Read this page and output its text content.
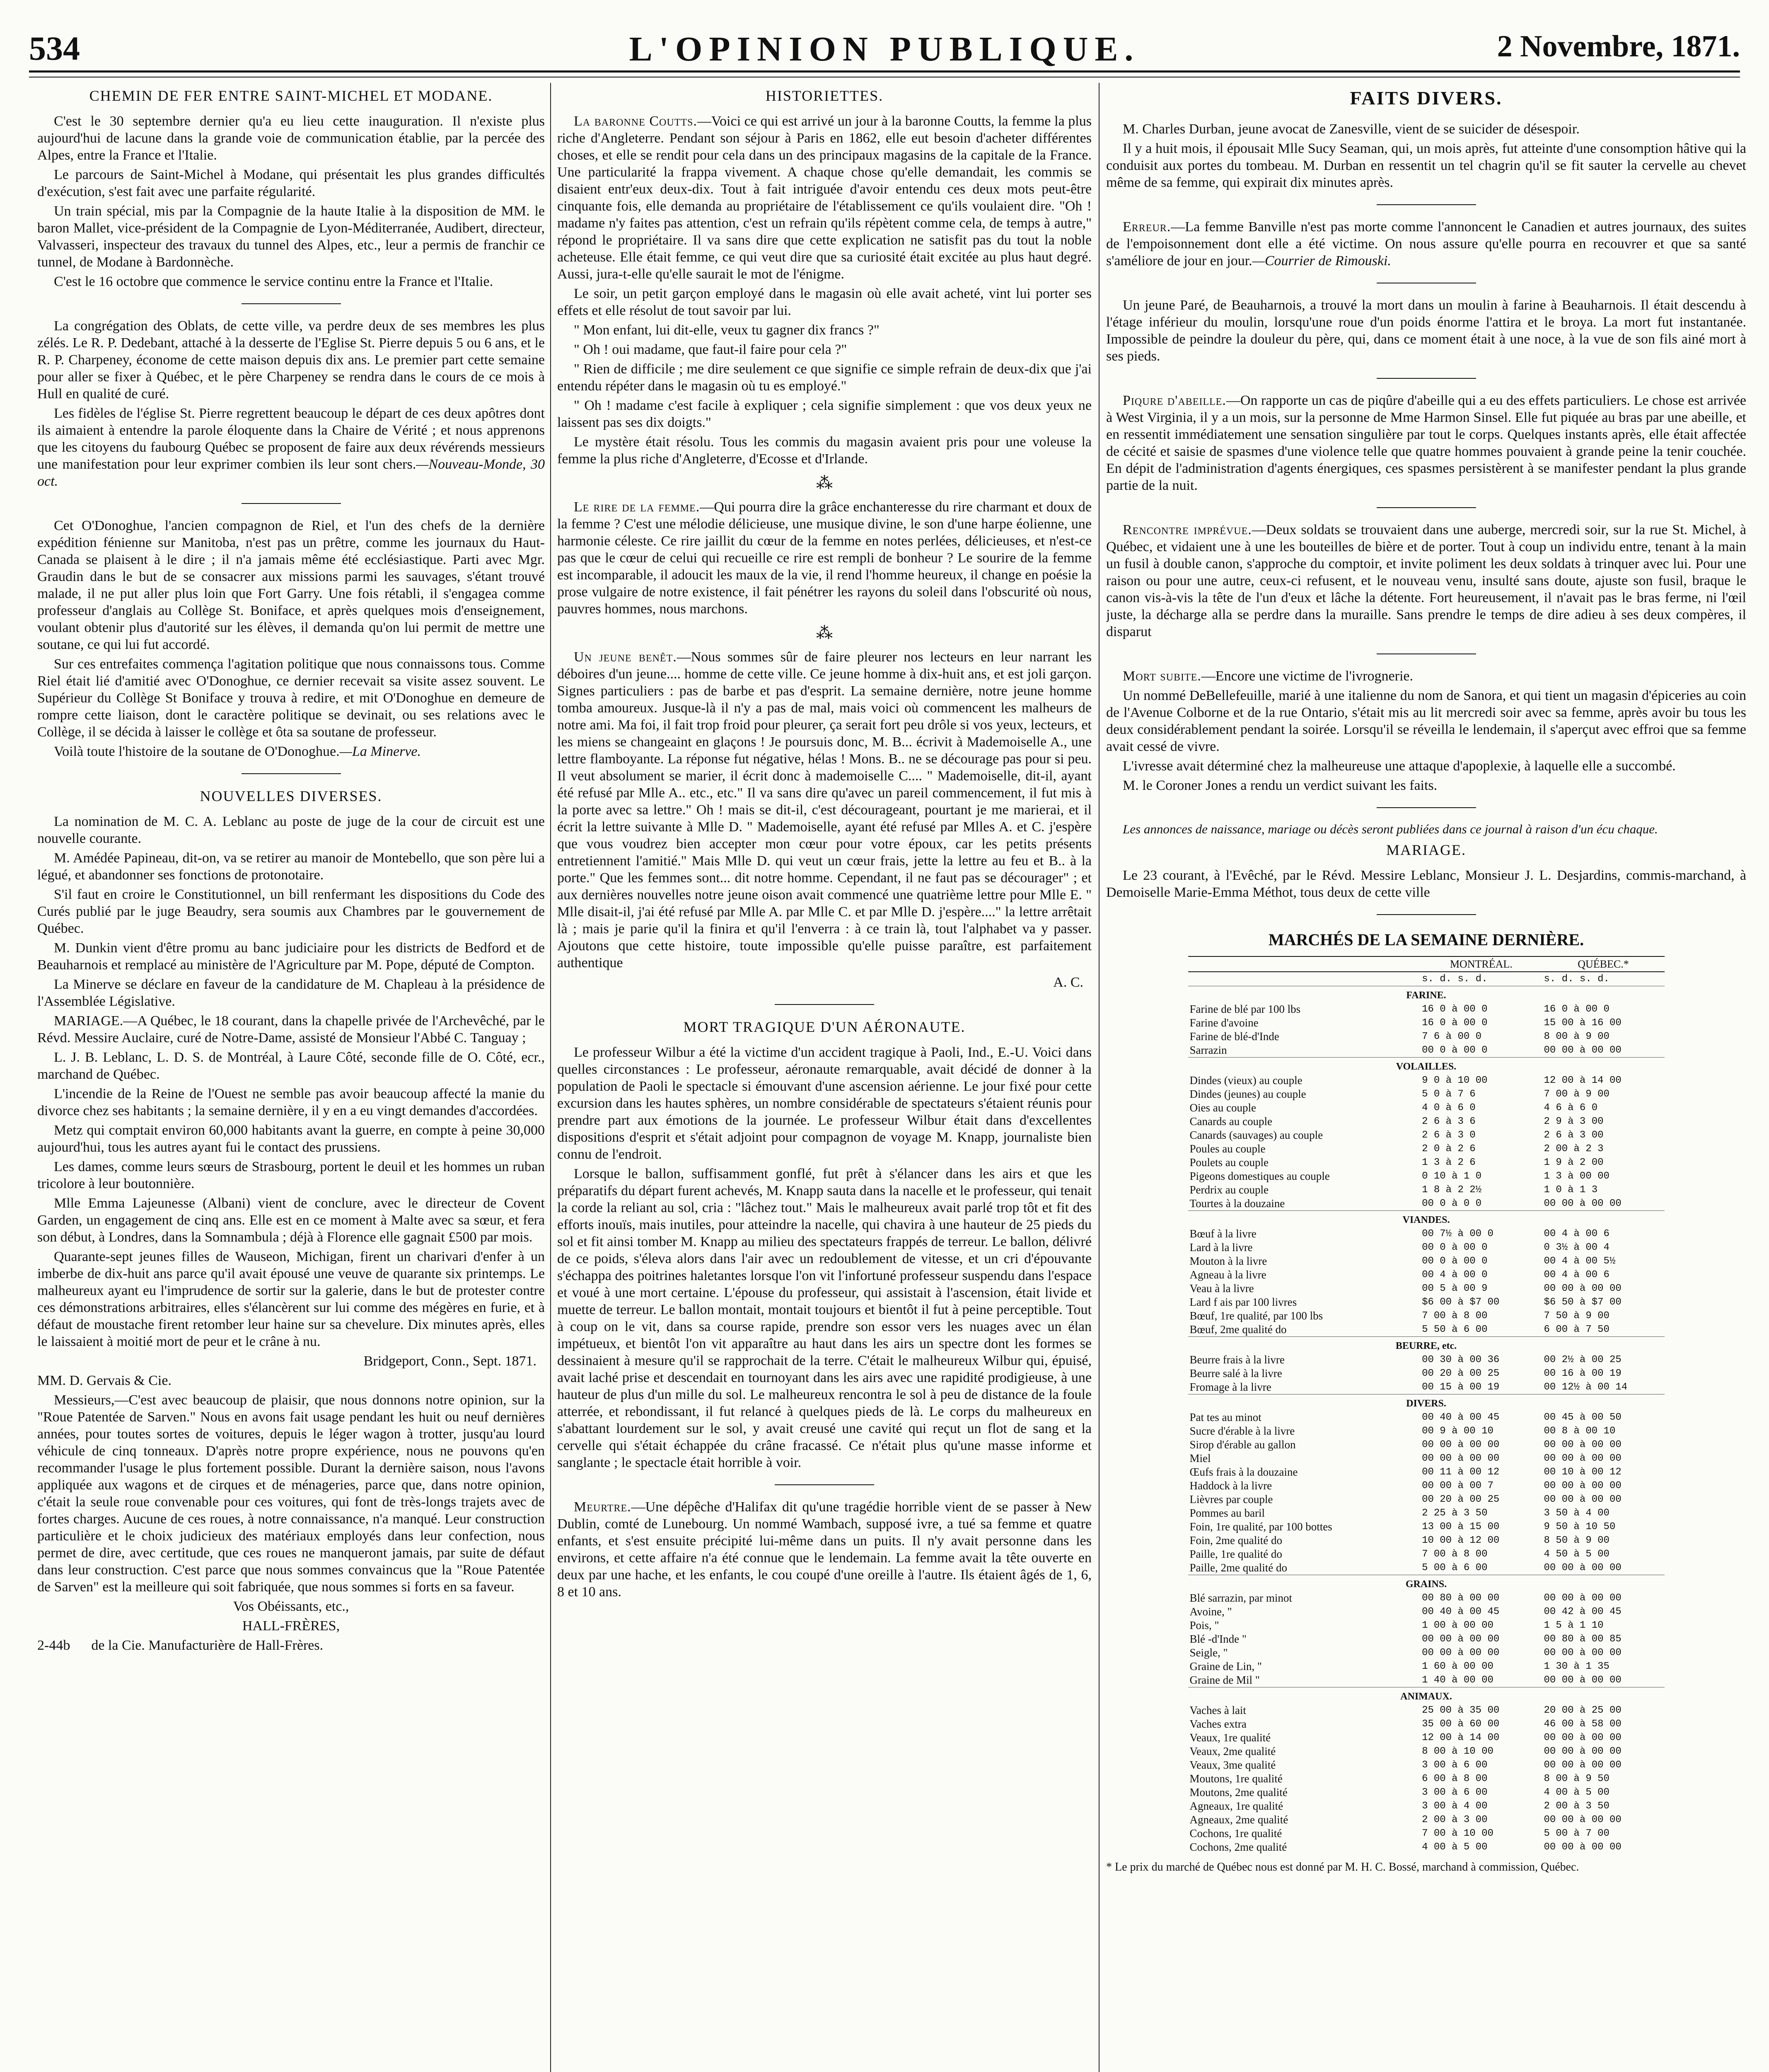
534	L'OPINION PUBLIQUE.	2 Novembre, 1871.
CHEMIN DE FER ENTRE SAINT-MICHEL ET MODANE.

C'est le 30 septembre dernier qu'a eu lieu cette inauguration. Il n'existe plus aujourd'hui de lacune dans la grande voie de communication établie, par la percée des Alpes, entre la France et l'Italie.

Le parcours de Saint-Michel à Modane, qui présentait les plus grandes difficultés d'exécution, s'est fait avec une parfaite régularité.

Un train spécial, mis par la Compagnie de la haute Italie à la disposition de MM. le baron Mallet, vice-président de la Compagnie de Lyon-Méditerranée, Audibert, directeur, Valvasseri, inspecteur des travaux du tunnel des Alpes, etc., leur a permis de franchir ce tunnel, de Modane à Bardonnèche.

C'est le 16 octobre que commence le service continu entre la France et l'Italie.

La congrégation des Oblats, de cette ville, va perdre deux de ses membres les plus zélés. Le R. P. Dedebant, attaché à la desserte de l'Eglise St. Pierre depuis 5 ou 6 ans, et le R. P. Charpeney, économe de cette maison depuis dix ans. Le premier part cette semaine pour aller se fixer à Québec, et le père Charpeney se rendra dans le cours de ce mois à Hull en qualité de curé.

Les fidèles de l'église St. Pierre regrettent beaucoup le départ de ces deux apôtres dont ils aimaient à entendre la parole éloquente dans la Chaire de Vérité ; et nous apprenons que les citoyens du faubourg Québec se proposent de faire aux deux révérends messieurs une manifestation pour leur exprimer combien ils leur sont chers.—Nouveau-Monde, 30 oct.

Cet O'Donoghue, l'ancien compagnon de Riel, et l'un des chefs de la dernière expédition fénienne sur Manitoba, n'est pas un prêtre, comme les journaux du Haut-Canada se plaisent à le dire ; il n'a jamais même été ecclésiastique. Parti avec Mgr. Graudin dans le but de se consacrer aux missions parmi les sauvages, s'étant trouvé malade, il ne put aller plus loin que Fort Garry. Une fois rétabli, il s'engagea comme professeur d'anglais au Collège St. Boniface, et après quelques mois d'enseignement, voulant obtenir plus d'autorité sur les élèves, il demanda qu'on lui permit de mettre une soutane, ce qui lui fut accordé.

Sur ces entrefaites commença l'agitation politique que nous connaissons tous. Comme Riel était lié d'amitié avec O'Donoghue, ce dernier recevait sa visite assez souvent. Le Supérieur du Collège St Boniface y trouva à redire, et mit O'Donoghue en demeure de rompre cette liaison, dont le caractère politique se devinait, ou ses relations avec le Collège, il se décida à laisser le collège et ôta sa soutane de professeur.

Voilà toute l'histoire de la soutane de O'Donoghue.—La Minerve.

NOUVELLES DIVERSES.

La nomination de M. C. A. Leblanc au poste de juge de la cour de circuit est une nouvelle courante.

M. Amédée Papineau, dit-on, va se retirer au manoir de Montebello, que son père lui a légué, et abandonner ses fonctions de protonotaire.

S'il faut en croire le Constitutionnel, un bill renfermant les dispositions du Code des Curés publié par le juge Beaudry, sera soumis aux Chambres par le gouvernement de Québec.

M. Dunkin vient d'être promu au banc judiciaire pour les districts de Bedford et de Beauharnois et remplacé au ministère de l'Agriculture par M. Pope, député de Compton.

La Minerve se déclare en faveur de la candidature de M. Chapleau à la présidence de l'Assemblée Législative.

MARIAGE.—A Québec, le 18 courant, dans la chapelle privée de l'Archevêché, par le Révd. Messire Auclaire, curé de Notre-Dame, assisté de Monsieur l'Abbé C. Tanguay ;

L. J. B. Leblanc, L. D. S. de Montréal, à Laure Côté, seconde fille de O. Côté, ecr., marchand de Québec.

L'incendie de la Reine de l'Ouest ne semble pas avoir beaucoup affecté la manie du divorce chez ses habitants ; la semaine dernière, il y en a eu vingt demandes d'accordées.

Metz qui comptait environ 60,000 habitants avant la guerre, en compte à peine 30,000 aujourd'hui, tous les autres ayant fui le contact des prussiens.

Les dames, comme leurs sœurs de Strasbourg, portent le deuil et les hommes un ruban tricolore à leur boutonnière.

Mlle Emma Lajeunesse (Albani) vient de conclure, avec le directeur de Covent Garden, un engagement de cinq ans. Elle est en ce moment à Malte avec sa sœur, et fera son début, à Londres, dans la Somnambula ; déjà à Florence elle gagnait £500 par mois.

Quarante-sept jeunes filles de Wauseon, Michigan, firent un charivari d'enfer à un imberbe de dix-huit ans parce qu'il avait épousé une veuve de quarante six printemps. Le malheureux ayant eu l'imprudence de sortir sur la galerie, dans le but de protester contre ces démonstrations arbitraires, elles s'élancèrent sur lui comme des mégères en furie, et à défaut de moustache firent retomber leur haine sur sa chevelure. Dix minutes après, elles le laissaient à moitié mort de peur et le crâne à nu.

Bridgeport, Conn., Sept. 1871.

MM. D. Gervais & Cie.

Messieurs,—C'est avec beaucoup de plaisir, que nous donnons notre opinion, sur la "Roue Patentée de Sarven." Nous en avons fait usage pendant les huit ou neuf dernières années, pour toutes sortes de voitures, depuis le léger wagon à trotter, jusqu'au lourd véhicule de cinq tonneaux. D'après notre propre expérience, nous ne pouvons qu'en recommander l'usage le plus fortement possible. Durant la dernière saison, nous l'avons appliquée aux wagons et de cirques et de ménageries, parce que, dans notre opinion, c'était la seule roue convenable pour ces voitures, qui font de très-longs trajets avec de fortes charges. Aucune de ces roues, à notre connaissance, n'a manqué. Leur construction particulière et le choix judicieux des matériaux employés dans leur confection, nous permet de dire, avec certitude, que ces roues ne manqueront jamais, par suite de défaut dans leur construction. C'est parce que nous sommes convaincus que la "Roue Patentée de Sarven" est la meilleure qui soit fabriquée, que nous sommes si forts en sa faveur.

Vos Obéissants, etc.,
HALL-FRÈRES,

2-44b de la Cie. Manufacturière de Hall-Frères.

HISTORIETTES.

La baronne Coutts.—Voici ce qui est arrivé un jour à la baronne Coutts, la femme la plus riche d'Angleterre. Pendant son séjour à Paris en 1862, elle eut besoin d'acheter différentes choses, et elle se rendit pour cela dans un des principaux magasins de la capitale de la France. Une particularité la frappa vivement. A chaque chose qu'elle demandait, les commis se disaient entr'eux deux-dix. Tout à fait intriguée d'avoir entendu ces deux mots peut-être cinquante fois, elle demanda au propriétaire de l'établissement ce qu'ils voulaient dire. "Oh ! madame n'y faites pas attention, c'est un refrain qu'ils répètent comme cela, de temps à autre," répond le propriétaire. Il va sans dire que cette explication ne satisfit pas du tout la noble acheteuse. Elle était femme, ce qui veut dire que sa curiosité était excitée au plus haut degré. Aussi, jura-t-elle qu'elle saurait le mot de l'énigme.

Le soir, un petit garçon employé dans le magasin où elle avait acheté, vint lui porter ses effets et elle résolut de tout savoir par lui.

" Mon enfant, lui dit-elle, veux tu gagner dix francs ?"

" Oh ! oui madame, que faut-il faire pour cela ?"

" Rien de difficile ; me dire seulement ce que signifie ce simple refrain de deux-dix que j'ai entendu répéter dans le magasin où tu es employé."

" Oh ! madame c'est facile à expliquer ; cela signifie simplement : que vos deux yeux ne laissent pas ses dix doigts."

Le mystère était résolu. Tous les commis du magasin avaient pris pour une voleuse la femme la plus riche d'Angleterre, d'Ecosse et d'Irlande.

⁂

Le rire de la femme.—Qui pourra dire la grâce enchanteresse du rire charmant et doux de la femme ? C'est une mélodie délicieuse, une musique divine, le son d'une harpe éolienne, une harmonie céleste. Ce rire jaillit du cœur de la femme en notes perlées, délicieuses, et n'est-ce pas que le cœur de celui qui recueille ce rire est rempli de bonheur ? Le sourire de la femme est incomparable, il adoucit les maux de la vie, il rend l'homme heureux, il change en poésie la prose vulgaire de notre existence, il fait pénétrer les rayons du soleil dans l'obscurité où nous, pauvres hommes, nous marchons.

⁂

Un jeune benêt.—Nous sommes sûr de faire pleurer nos lecteurs en leur narrant les déboires d'un jeune.... homme de cette ville. Ce jeune homme à dix-huit ans, et est joli garçon. Signes particuliers : pas de barbe et pas d'esprit. La semaine dernière, notre jeune homme tomba amoureux. Jusque-là il n'y a pas de mal, mais voici où commencent les malheurs de notre ami. Ma foi, il fait trop froid pour pleurer, ça serait fort peu drôle si vos yeux, lecteurs, et les miens se changeaint en glaçons ! Je poursuis donc, M. B... écrivit à Mademoiselle A., une lettre flamboyante. La réponse fut négative, hélas ! Mons. B.. ne se décourage pas pour si peu. Il veut absolument se marier, il écrit donc à mademoiselle C.... " Mademoiselle, dit-il, ayant été refusé par Mlle A.. etc., etc." Il va sans dire qu'avec un pareil commencement, il fut mis à la porte avec sa lettre." Oh ! mais se dit-il, c'est décourageant, pourtant je me marierai, et il écrit la lettre suivante à Mlle D. " Mademoiselle, ayant été refusé par Mlles A. et C. j'espère que vous voudrez bien accepter mon cœur pour votre époux, car les petits présents entretiennent l'amitié." Mais Mlle D. qui veut un cœur frais, jette la lettre au feu et B.. à la porte." Que les femmes sont... dit notre homme. Cependant, il ne faut pas se décourager" ; et aux dernières nouvelles notre jeune oison avait commencé une quatrième lettre pour Mlle E. " Mlle disait-il, j'ai été refusé par Mlle A. par Mlle C. et par Mlle D. j'espère...." la lettre arrêtait là ; mais je parie qu'il la finira et qu'il l'enverra : à ce train là, tout l'alphabet va y passer. Ajoutons que cette histoire, toute impossible qu'elle puisse paraître, est parfaitement authentique

A. C.
MORT TRAGIQUE D'UN AÉRONAUTE.

Le professeur Wilbur a été la victime d'un accident tragique à Paoli, Ind., E.-U. Voici dans quelles circonstances : Le professeur, aéronaute remarquable, avait décidé de donner à la population de Paoli le spectacle si émouvant d'une ascension aérienne. Le jour fixé pour cette excursion dans les hautes sphères, un nombre considérable de spectateurs s'étaient réunis pour prendre part aux émotions de la journée. Le professeur Wilbur était dans d'excellentes dispositions d'esprit et s'était adjoint pour compagnon de voyage M. Knapp, journaliste bien connu de l'endroit.

Lorsque le ballon, suffisamment gonflé, fut prêt à s'élancer dans les airs et que les préparatifs du départ furent achevés, M. Knapp sauta dans la nacelle et le professeur, qui tenait la corde la reliant au sol, cria : "lâchez tout." Mais le malheureux avait parlé trop tôt et fit des efforts inouïs, mais inutiles, pour atteindre la nacelle, qui chavira à une hauteur de 25 pieds du sol et fit ainsi tomber M. Knapp au milieu des spectateurs frappés de terreur. Le ballon, délivré de ce poids, s'éleva alors dans l'air avec un redoublement de vitesse, et un cri d'épouvante s'échappa des poitrines haletantes lorsque l'on vit l'infortuné professeur suspendu dans l'espace et voué à une mort certaine. L'épouse du professeur, qui assistait à l'ascension, était livide et muette de terreur. Le ballon montait, montait toujours et bientôt il fut à peine perceptible. Tout à coup on le vit, dans sa course rapide, prendre son essor vers les nuages avec un élan impétueux, et bientôt l'on vit apparaître au haut dans les airs un spectre dont les formes se dessinaient à mesure qu'il se rapprochait de la terre. C'était le malheureux Wilbur qui, épuisé, avait laché prise et descendait en tournoyant dans les airs avec une rapidité prodigieuse, à une hauteur de plus d'un mille du sol. Le malheureux rencontra le sol à peu de distance de la foule atterrée, et rebondissant, il fut relancé à quelques pieds de là. Le corps du malheureux en s'abattant lourdement sur le sol, y avait creusé une cavité qui reçut un flot de sang et la cervelle qui s'était échappée du crâne fracassé. Ce n'était plus qu'une masse informe et sanglante ; le spectacle était horrible à voir.

Meurtre.—Une dépêche d'Halifax dit qu'une tragédie horrible vient de se passer à New Dublin, comté de Lunebourg. Un nommé Wambach, supposé ivre, a tué sa femme et quatre enfants, et s'est ensuite précipité lui-même dans un puits. Il n'y avait personne dans les environs, et cette affaire n'a été connue que le lendemain. La femme avait la tête ouverte en deux par une hache, et les enfants, le cou coupé d'une oreille à l'autre. Ils étaient âgés de 1, 6, 8 et 10 ans.

FAITS DIVERS.

M. Charles Durban, jeune avocat de Zanesville, vient de se suicider de désespoir.

Il y a huit mois, il épousait Mlle Sucy Seaman, qui, un mois après, fut atteinte d'une consomption hâtive qui la conduisit aux portes du tombeau. M. Durban en ressentit un tel chagrin qu'il se fit sauter la cervelle au chevet même de sa femme, qui expirait dix minutes après.

Erreur.—La femme Banville n'est pas morte comme l'annoncent le Canadien et autres journaux, des suites de l'empoisonnement dont elle a été victime. On nous assure qu'elle pourra en recouvrer et que sa santé s'améliore de jour en jour.—Courrier de Rimouski.

Un jeune Paré, de Beauharnois, a trouvé la mort dans un moulin à farine à Beauharnois. Il était descendu à l'étage inférieur du moulin, lorsqu'une roue d'un poids énorme l'attira et le broya. La mort fut instantanée. Impossible de peindre la douleur du père, qui, dans ce moment était à une noce, à la vue de son fils ainé mort à ses pieds.

Piqure d'abeille.—On rapporte un cas de piqûre d'abeille qui a eu des effets particuliers. Le chose est arrivée à West Virginia, il y a un mois, sur la personne de Mme Harmon Sinsel. Elle fut piquée au bras par une abeille, et en ressentit immédiatement une sensation singulière par tout le corps. Quelques instants après, elle était affectée de cécité et saisie de spasmes d'une violence telle que quatre hommes pouvaient à grande peine la tenir couchée. En dépit de l'administration d'agents énergiques, ces spasmes persistèrent à se manifester pendant la plus grande partie de la nuit.

Rencontre imprévue.—Deux soldats se trouvaient dans une auberge, mercredi soir, sur la rue St. Michel, à Québec, et vidaient une à une les bouteilles de bière et de porter. Tout à coup un individu entre, tenant à la main un fusil à double canon, s'approche du comptoir, et invite poliment les deux soldats à trinquer avec lui. Pour une raison ou pour une autre, ceux-ci refusent, et le nouveau venu, insulté sans doute, ajuste son fusil, braque le canon vis-à-vis la tête de l'un d'eux et lâche la détente. Fort heureusement, il n'avait pas le bras ferme, ni l'œil juste, la décharge alla se perdre dans la muraille. Sans prendre le temps de dire adieu à ses deux compères, il disparut

Mort subite.—Encore une victime de l'ivrognerie.

Un nommé DeBellefeuille, marié à une italienne du nom de Sanora, et qui tient un magasin d'épiceries au coin de l'Avenue Colborne et de la rue Ontario, s'était mis au lit mercredi soir avec sa femme, après avoir bu tous les deux considérablement pendant la soirée. Lorsqu'il se réveilla le lendemain, il s'aperçut avec effroi que sa femme avait cessé de vivre.

L'ivresse avait déterminé chez la malheureuse une attaque d'apoplexie, à laquelle elle a succombé.

M. le Coroner Jones a rendu un verdict suivant les faits.

Les annonces de naissance, mariage ou décès seront publiées dans ce journal à raison d'un écu chaque.

MARIAGE.

Le 23 courant, à l'Evêché, par le Révd. Messire Leblanc, Monsieur J. L. Desjardins, commis-marchand, à Demoiselle Marie-Emma Méthot, tous deux de cette ville

MARCHÉS DE LA SEMAINE DERNIÈRE.
	MONTRÉAL.	QUÉBEC.*
	s. d. s. d.	s. d. s. d.
FARINE.		
Farine de blé par 100 lbs	16 0 à 00 0	16 0 à 00 0
Farine d'avoine	16 0 à 00 0	15 00 à 16 00
Farine de blé-d'Inde	7 6 à 00 0	8 00 à 9 00
Sarrazin	00 0 à 00 0	00 00 à 00 00
VOLAILLES.		
Dindes (vieux) au couple	9 0 à 10 00	12 00 à 14 00
Dindes (jeunes) au couple	5 0 à 7 6	7 00 à 9 00
Oies au couple	4 0 à 6 0	4 6 à 6 0
Canards au couple	2 6 à 3 6	2 9 à 3 00
Canards (sauvages) au couple	2 6 à 3 0	2 6 à 3 00
Poules au couple	2 0 à 2 6	2 00 à 2 3
Poulets au couple	1 3 à 2 6	1 9 à 2 00
Pigeons domestiques au couple	0 10 à 1 0	1 3 à 00 00
Perdrix au couple	1 8 à 2 2½	1 0 à 1 3
Tourtes à la douzaine	00 0 à 0 0	00 00 à 00 00
VIANDES.		
Bœuf à la livre	00 7½ à 00 0	00 4 à 00 6
Lard à la livre	00 0 à 00 0	0 3½ à 00 4
Mouton à la livre	00 0 à 00 0	00 4 à 00 5½
Agneau à la livre	00 4 à 00 0	00 4 à 00 6
Veau à la livre	00 5 à 00 9	00 00 à 00 00
Lard f ais par 100 livres	$6 00 à $7 00	$6 50 à $7 00
Bœuf, 1re qualité, par 100 lbs	7 00 à 8 00	7 50 à 9 00
Bœuf, 2me qualité do	5 50 à 6 00	6 00 à 7 50
BEURRE, etc.		
Beurre frais à la livre	00 30 à 00 36	00 2½ à 00 25
Beurre salé à la livre	00 20 à 00 25	00 16 à 00 19
Fromage à la livre	00 15 à 00 19	00 12½ à 00 14
DIVERS.		
Pat tes au minot	00 40 à 00 45	00 45 à 00 50
Sucre d'érable à la livre	00 9 à 00 10	00 8 à 00 10
Sirop d'érable au gallon	00 00 à 00 00	00 00 à 00 00
Miel	00 00 à 00 00	00 00 à 00 00
Œufs frais à la douzaine	00 11 à 00 12	00 10 à 00 12
Haddock à la livre	00 00 à 00 7	00 00 à 00 00
Lièvres par couple	00 20 à 00 25	00 00 à 00 00
Pommes au baril	2 25 à 3 50	3 50 à 4 00
Foin, 1re qualité, par 100 bottes	13 00 à 15 00	9 50 à 10 50
Foin, 2me qualité do	10 00 à 12 00	8 50 à 9 00
Paille, 1re qualité do	7 00 à 8 00	4 50 à 5 00
Paille, 2me qualité do	5 00 à 6 00	00 00 à 00 00
GRAINS.		
Blé sarrazin, par minot	00 80 à 00 00	00 00 à 00 00
Avoine, "	00 40 à 00 45	00 42 à 00 45
Pois, "	1 00 à 00 00	1 5 à 1 10
Blé -d'Inde "	00 00 à 00 00	00 80 à 00 85
Seigle, "	00 00 à 00 00	00 00 à 00 00
Graine de Lin, "	1 60 à 00 00	1 30 à 1 35
Graine de Mil "	1 40 à 00 00	00 00 à 00 00
ANIMAUX.		
Vaches à lait	25 00 à 35 00	20 00 à 25 00
Vaches extra	35 00 à 60 00	46 00 à 58 00
Veaux, 1re qualité	12 00 à 14 00	00 00 à 00 00
Veaux, 2me qualité	8 00 à 10 00	00 00 à 00 00
Veaux, 3me qualité	3 00 à 6 00	00 00 à 00 00
Moutons, 1re qualité	6 00 à 8 00	8 00 à 9 50
Moutons, 2me qualité	3 00 à 6 00	4 00 à 5 00
Agneaux, 1re qualité	3 00 à 4 00	2 00 à 3 50
Agneaux, 2me qualité	2 00 à 3 00	00 00 à 00 00
Cochons, 1re qualité	7 00 à 10 00	5 00 à 7 00
Cochons, 2me qualité	4 00 à 5 00	00 00 à 00 00
* Le prix du marché de Québec nous est donné par M. H. C. Bossé, marchand à commission, Québec.
